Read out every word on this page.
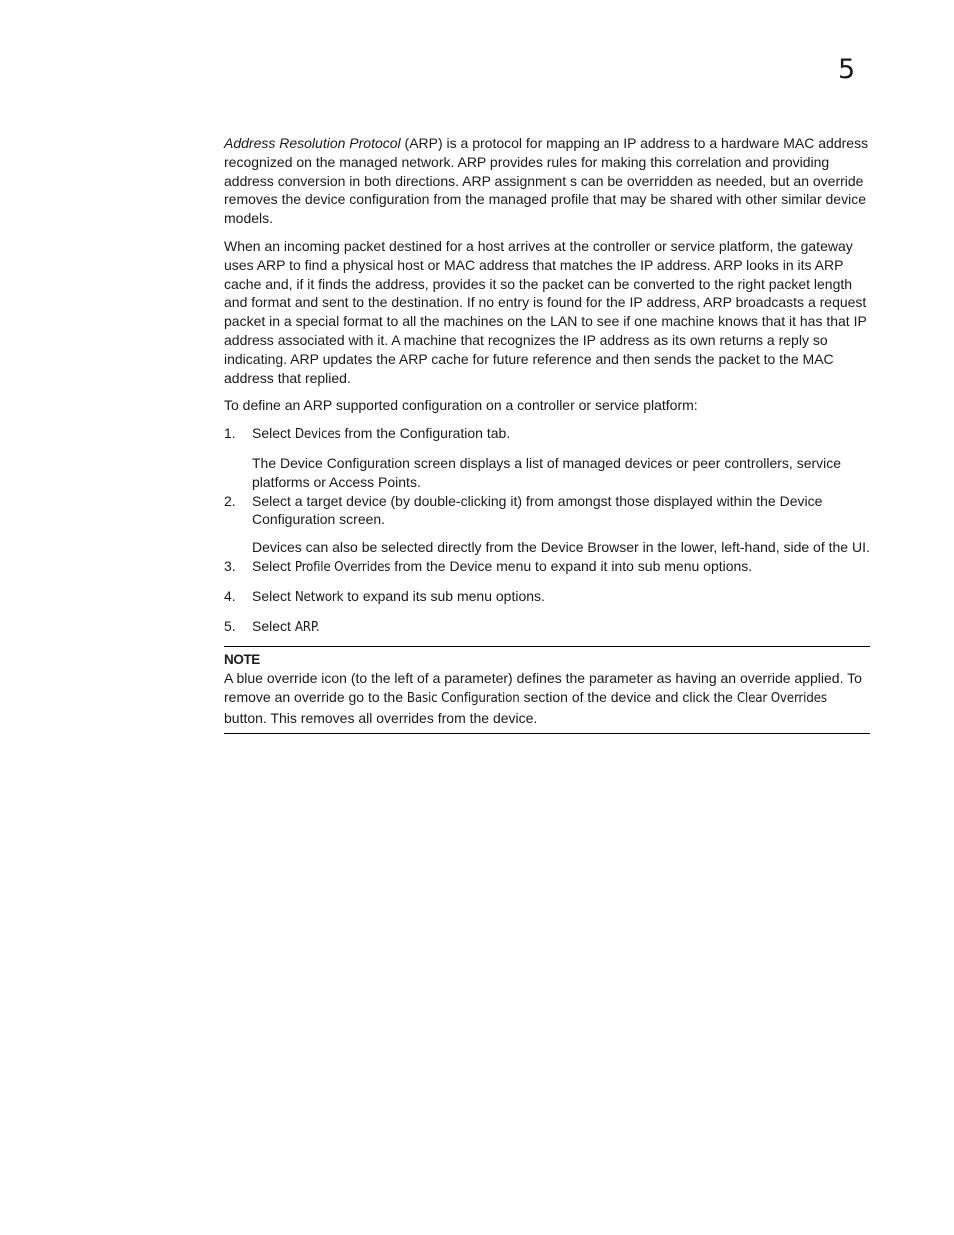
5

Address Resolution Protocol (ARP) is a protocol for mapping an IP address to a hardware MAC address recognized on the managed network. ARP provides rules for making this correlation and providing address conversion in both directions. ARP assignment s can be overridden as needed, but an override removes the device configuration from the managed profile that may be shared with other similar device models.

When an incoming packet destined for a host arrives at the controller or service platform, the gateway uses ARP to find a physical host or MAC address that matches the IP address. ARP looks in its ARP cache and, if it finds the address, provides it so the packet can be converted to the right packet length and format and sent to the destination. If no entry is found for the IP address, ARP broadcasts a request packet in a special format to all the machines on the LAN to see if one machine knows that it has that IP address associated with it. A machine that recognizes the IP address as its own returns a reply so indicating. ARP updates the ARP cache for future reference and then sends the packet to the MAC address that replied.

To define an ARP supported configuration on a controller or service platform:

1. Select Devices from the Configuration tab.

The Device Configuration screen displays a list of managed devices or peer controllers, service platforms or Access Points.

2. Select a target device (by double-clicking it) from amongst those displayed within the Device Configuration screen.

Devices can also be selected directly from the Device Browser in the lower, left-hand, side of the UI.

3. Select Profile Overrides from the Device menu to expand it into sub menu options.
4. Select Network to expand its sub menu options.
5. Select ARP.
NOTE

A blue override icon (to the left of a parameter) defines the parameter as having an override applied. To remove an override go to the Basic Configuration section of the device and click the Clear Overrides button. This removes all overrides from the device.
